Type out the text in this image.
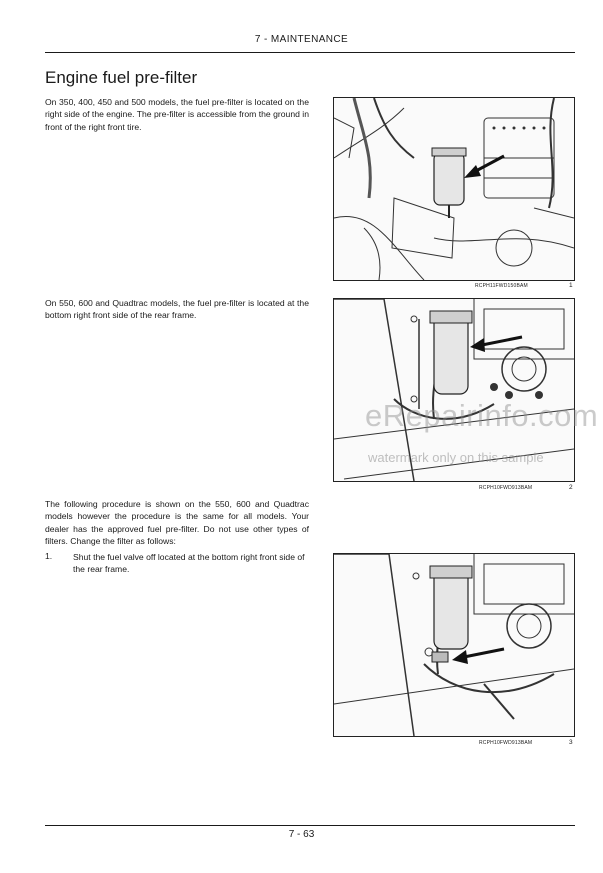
7 - MAINTENANCE
Engine fuel pre-filter

On 350, 400, 450 and 500 models, the fuel pre-filter is located on the right side of the engine. The pre-filter is accessible from the ground in front of the right front tire.

On 550, 600 and Quadtrac models, the fuel pre-filter is located at the bottom right front side of the rear frame.

The following procedure is shown on the 550, 600 and Quadtrac models however the procedure is the same for all models. Your dealer has the approved fuel pre-filter. Do not use other types of filters. Change the filter as follows:

1. Shut the fuel valve off located at the bottom right front side of the rear frame.
RCPH11FWD150BAM	1
RCPH10FWD913BAM	2
RCPH10FWD913BAM	3
eRepairinfo.com
watermark only on this sample
7 - 63
